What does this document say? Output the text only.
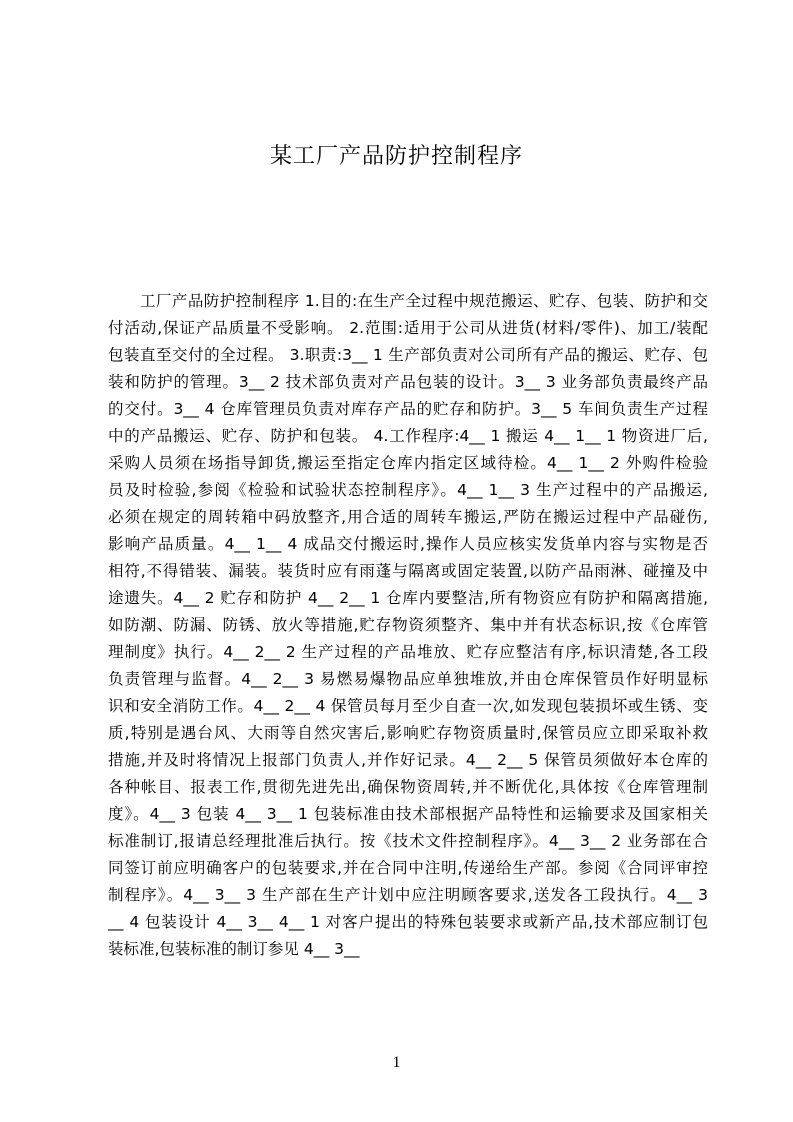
某工厂产品防护控制程序
工厂产品防护控制程序 1.目的:在生产全过程中规范搬运、贮存、包装、防护和交
付活动,保证产品质量不受影响。 2.范围:适用于公司从进货(材料/零件)、加工/装配
包装直至交付的全过程。 3.职责:3__ 1 生产部负责对公司所有产品的搬运、贮存、包
装和防护的管理。3__ 2 技术部负责对产品包装的设计。3__ 3 业务部负责最终产品
的交付。3__ 4 仓库管理员负责对库存产品的贮存和防护。3__ 5 车间负责生产过程
中的产品搬运、贮存、防护和包装。 4.工作程序:4__ 1 搬运 4__ 1__ 1 物资进厂后,
采购人员须在场指导卸货,搬运至指定仓库内指定区域待检。4__ 1__ 2 外购件检验
员及时检验,参阅《检验和试验状态控制程序》。4__ 1__ 3 生产过程中的产品搬运,
必须在规定的周转箱中码放整齐,用合适的周转车搬运,严防在搬运过程中产品碰伤,
影响产品质量。4__ 1__ 4 成品交付搬运时,操作人员应核实发货单内容与实物是否
相符,不得错装、漏装。装货时应有雨蓬与隔离或固定装置,以防产品雨淋、碰撞及中
途遗失。4__ 2 贮存和防护 4__ 2__ 1 仓库内要整洁,所有物资应有防护和隔离措施,
如防潮、防漏、防锈、放火等措施,贮存物资须整齐、集中并有状态标识,按《仓库管
理制度》执行。4__ 2__ 2 生产过程的产品堆放、贮存应整洁有序,标识清楚,各工段
负责管理与监督。4__ 2__ 3 易燃易爆物品应单独堆放,并由仓库保管员作好明显标
识和安全消防工作。4__ 2__ 4 保管员每月至少自查一次,如发现包装损坏或生锈、变
质,特别是遇台风、大雨等自然灾害后,影响贮存物资质量时,保管员应立即采取补救
措施,并及时将情况上报部门负责人,并作好记录。4__ 2__ 5 保管员须做好本仓库的
各种帐目、报表工作,贯彻先进先出,确保物资周转,并不断优化,具体按《仓库管理制
度》。4__ 3 包装 4__ 3__ 1 包装标准由技术部根据产品特性和运输要求及国家相关
标准制订,报请总经理批准后执行。按《技术文件控制程序》。4__ 3__ 2 业务部在合
同签订前应明确客户的包装要求,并在合同中注明,传递给生产部。参阅《合同评审控
制程序》。4__ 3__ 3 生产部在生产计划中应注明顾客要求,送发各工段执行。4__ 3
__ 4 包装设计 4__ 3__ 4__ 1 对客户提出的特殊包装要求或新产品,技术部应制订包
装标准,包装标准的制订参见 4__ 3__
1
